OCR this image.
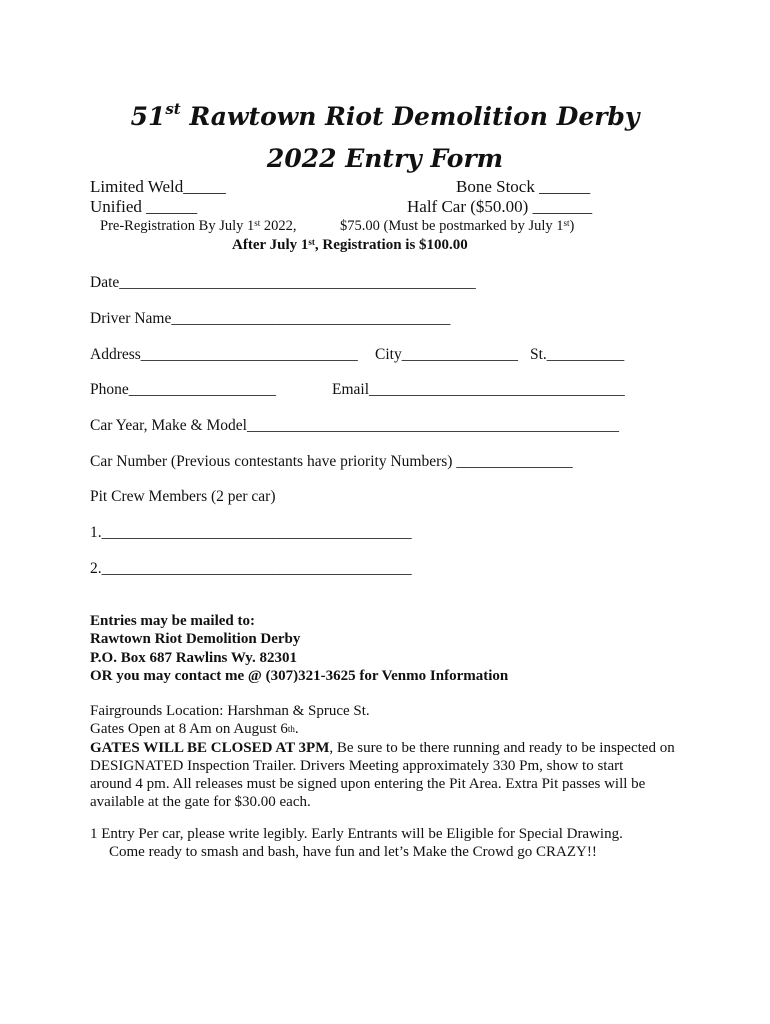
51st Rawtown Riot Demolition Derby
2022 Entry Form
Limited Weld_____	Bone Stock ______
Unified ______	Half Car ($50.00) _______
Pre-Registration By July 1st 2022,	$75.00 (Must be postmarked by July 1st)
After July 1st, Registration is $100.00
Date______________________________________________
Driver Name____________________________________
Address____________________________ City_______________ St.__________
Phone___________________	Email_________________________________
Car Year, Make & Model________________________________________________
Car Number (Previous contestants have priority Numbers) _______________
Pit Crew Members (2 per car)
1.________________________________________
2.________________________________________
Entries may be mailed to:
Rawtown Riot Demolition Derby
P.O. Box 687 Rawlins Wy. 82301
OR you may contact me @ (307)321-3625 for Venmo Information
Fairgrounds Location: Harshman & Spruce St.
Gates Open at 8 Am on August 6th.
GATES WILL BE CLOSED AT 3PM, Be sure to be there running and ready to be inspected on
DESIGNATED Inspection Trailer. Drivers Meeting approximately 330 Pm, show to start
around 4 pm. All releases must be signed upon entering the Pit Area. Extra Pit passes will be
available at the gate for $30.00 each.
1 Entry Per car, please write legibly. Early Entrants will be Eligible for Special Drawing.
Come ready to smash and bash, have fun and let’s Make the Crowd go CRAZY!!
